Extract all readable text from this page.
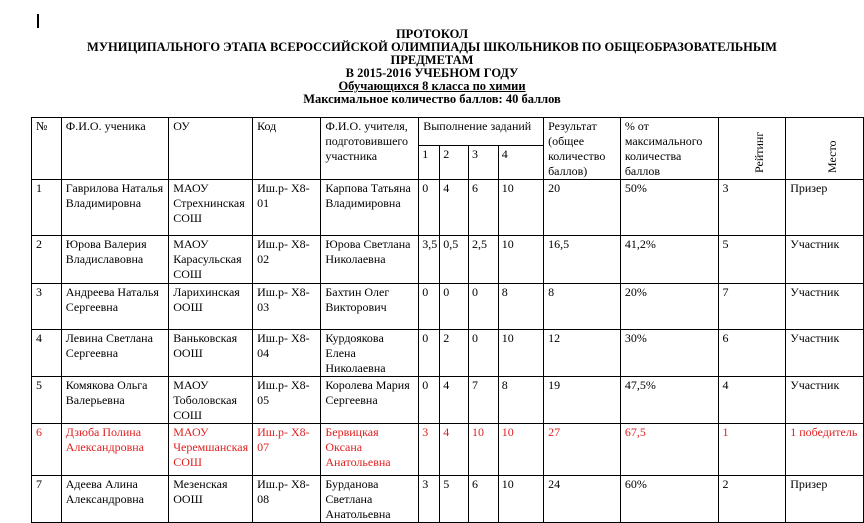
ПРОТОКОЛ
МУНИЦИПАЛЬНОГО ЭТАПА ВСЕРОССИЙСКОЙ ОЛИМПИАДЫ ШКОЛЬНИКОВ ПО ОБЩЕОБРАЗОВАТЕЛЬНЫМ
ПРЕДМЕТАМ
В 2015-2016 УЧЕБНОМ ГОДУ
Обучающихся 8 класса по химии
Максимальное количество баллов: 40 баллов
№	Ф.И.О. ученика	ОУ	Код	Ф.И.О. учителя, подготовившего участника	Выполнение заданий				Результат (общее количество баллов)	% от максимального количества баллов	Рейтинг	Место

					1	2	3	4				
1	Гаврилова Наталья Владимировна	МАОУ Стрехнинская СОШ	Иш.р- Х8-01	Карпова Татьяна Владимировна	0	4	6	10	20	50%	3	Призер
2	Юрова Валерия Владиславовна	МАОУ Карасульская СОШ	Иш.р- Х8-02	Юрова Светлана Николаевна	3,5	0,5	2,5	10	16,5	41,2%	5	Участник
3	Андреева Наталья Сергеевна	Ларихинская ООШ	Иш.р- Х8-03	Бахтин Олег Викторович	0	0	0	8	8	20%	7	Участник
4	Левина Светлана Сергеевна	Ваньковская ООШ	Иш.р- Х8-04	Курдоякова Елена Николаевна	0	2	0	10	12	30%	6	Участник
5	Комякова Ольга Валерьевна	МАОУ Тоболовская СОШ	Иш.р- Х8-05	Королева Мария Сергеевна	0	4	7	8	19	47,5%	4	Участник
6	Дзюба Полина Александровна	МАОУ Черемшанская СОШ	Иш.р- Х8-07	Бервицкая Оксана Анатольевна	3	4	10	10	27	67,5	1	1 победитель
7	Адеева Алина Александровна	Мезенская ООШ	Иш.р- Х8-08	Бурданова Светлана Анатольевна	3	5	6	10	24	60%	2	Призер
